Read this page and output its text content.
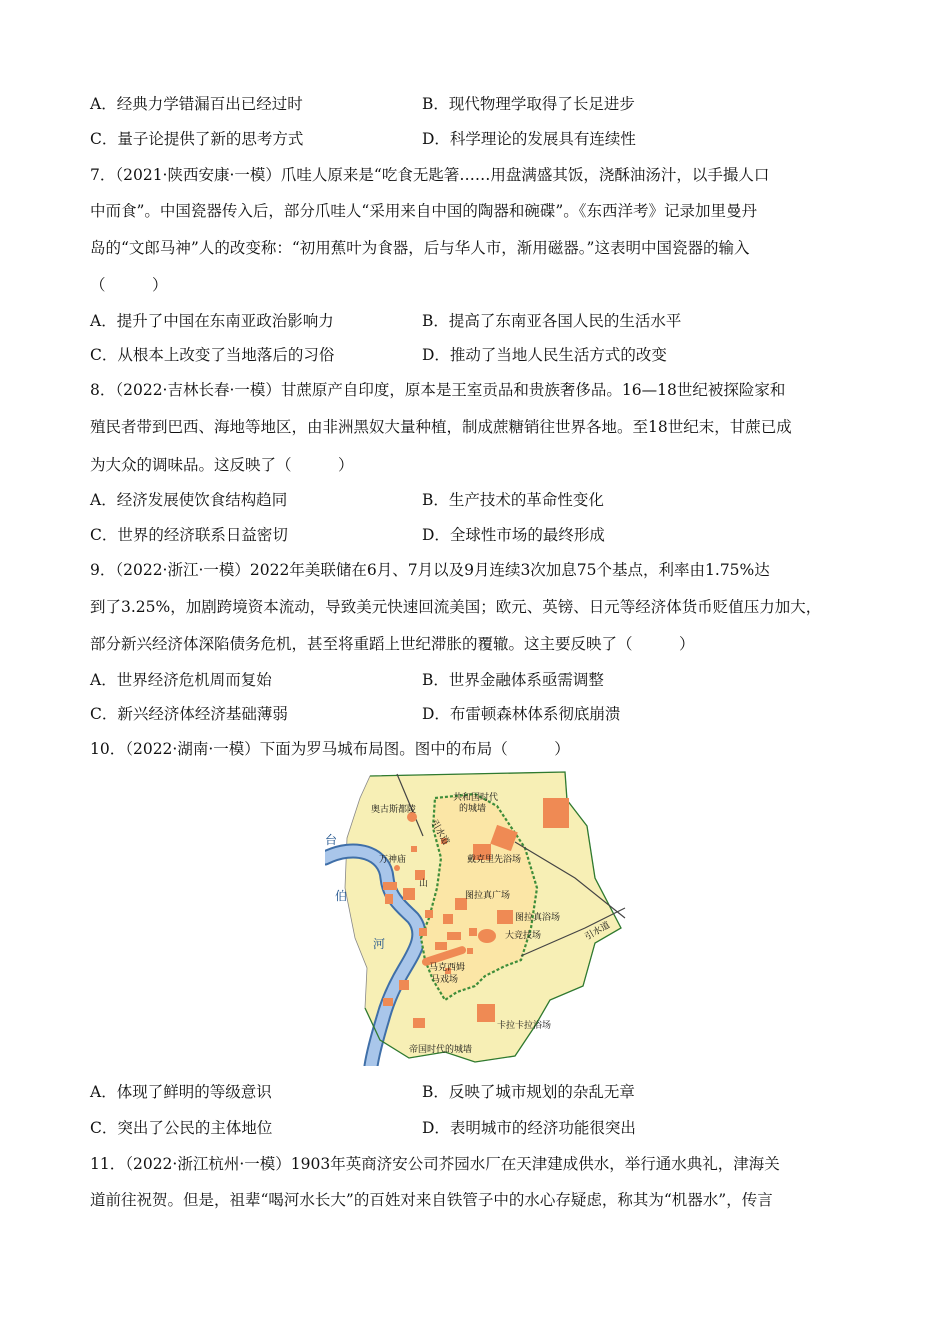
A．经典力学错漏百出已经过时	B．现代物理学取得了长足进步
C．量子论提供了新的思考方式	D．科学理论的发展具有连续性
7．（2021·陕西安康·一模）爪哇人原来是“吃食无匙箸……用盘满盛其饭，浇酥油汤汁，以手撮人口
中而食”。中国瓷器传入后，部分爪哇人“采用来自中国的陶器和碗碟”。《东西洋考》记录加里曼丹
岛的“文郎马神”人的改变称：“初用蕉叶为食器，后与华人市，渐用磁器。”这表明中国瓷器的输入
（　　　）
A．提升了中国在东南亚政治影响力	B．提高了东南亚各国人民的生活水平
C．从根本上改变了当地落后的习俗	D．推动了当地人民生活方式的改变
8．（2022·吉林长春·一模）甘蔗原产自印度，原本是王室贡品和贵族奢侈品。16—18世纪被探险家和
殖民者带到巴西、海地等地区，由非洲黑奴大量种植，制成蔗糖销往世界各地。至18世纪末，甘蔗已成
为大众的调味品。这反映了（　　　）
A．经济发展使饮食结构趋同	B．生产技术的革命性变化
C．世界的经济联系日益密切	D．全球性市场的最终形成
9．（2022·浙江·一模）2022年美联储在6月、7月以及9月连续3次加息75个基点，利率由1.75%达
到了3.25%，加剧跨境资本流动，导致美元快速回流美国；欧元、英镑、日元等经济体货币贬值压力加大，
部分新兴经济体深陷债务危机，甚至将重蹈上世纪滞胀的覆辙。这主要反映了（　　　）
A．世界经济危机周而复始	B．世界金融体系亟需调整
C．新兴经济体经济基础薄弱	D．布雷顿森林体系彻底崩溃
10．（2022·湖南·一模）下面为罗马城布局图。图中的布局（　　　）
奥古斯都陵
共和国时代
的城墙
万神庙	戴克里先浴场
图拉真广场
图拉真浴场
大竞技场
引水道
引水道
马克西姆
马戏场
卡拉卡拉浴场
帝国时代的城墙
山
台
伯
河
A．体现了鲜明的等级意识	B．反映了城市规划的杂乱无章
C．突出了公民的主体地位	D．表明城市的经济功能很突出
11．（2022·浙江杭州·一模）1903年英商济安公司芥园水厂在天津建成供水，举行通水典礼，津海关
道前往祝贺。但是，祖辈“喝河水长大”的百姓对来自铁管子中的水心存疑虑，称其为“机器水”，传言
